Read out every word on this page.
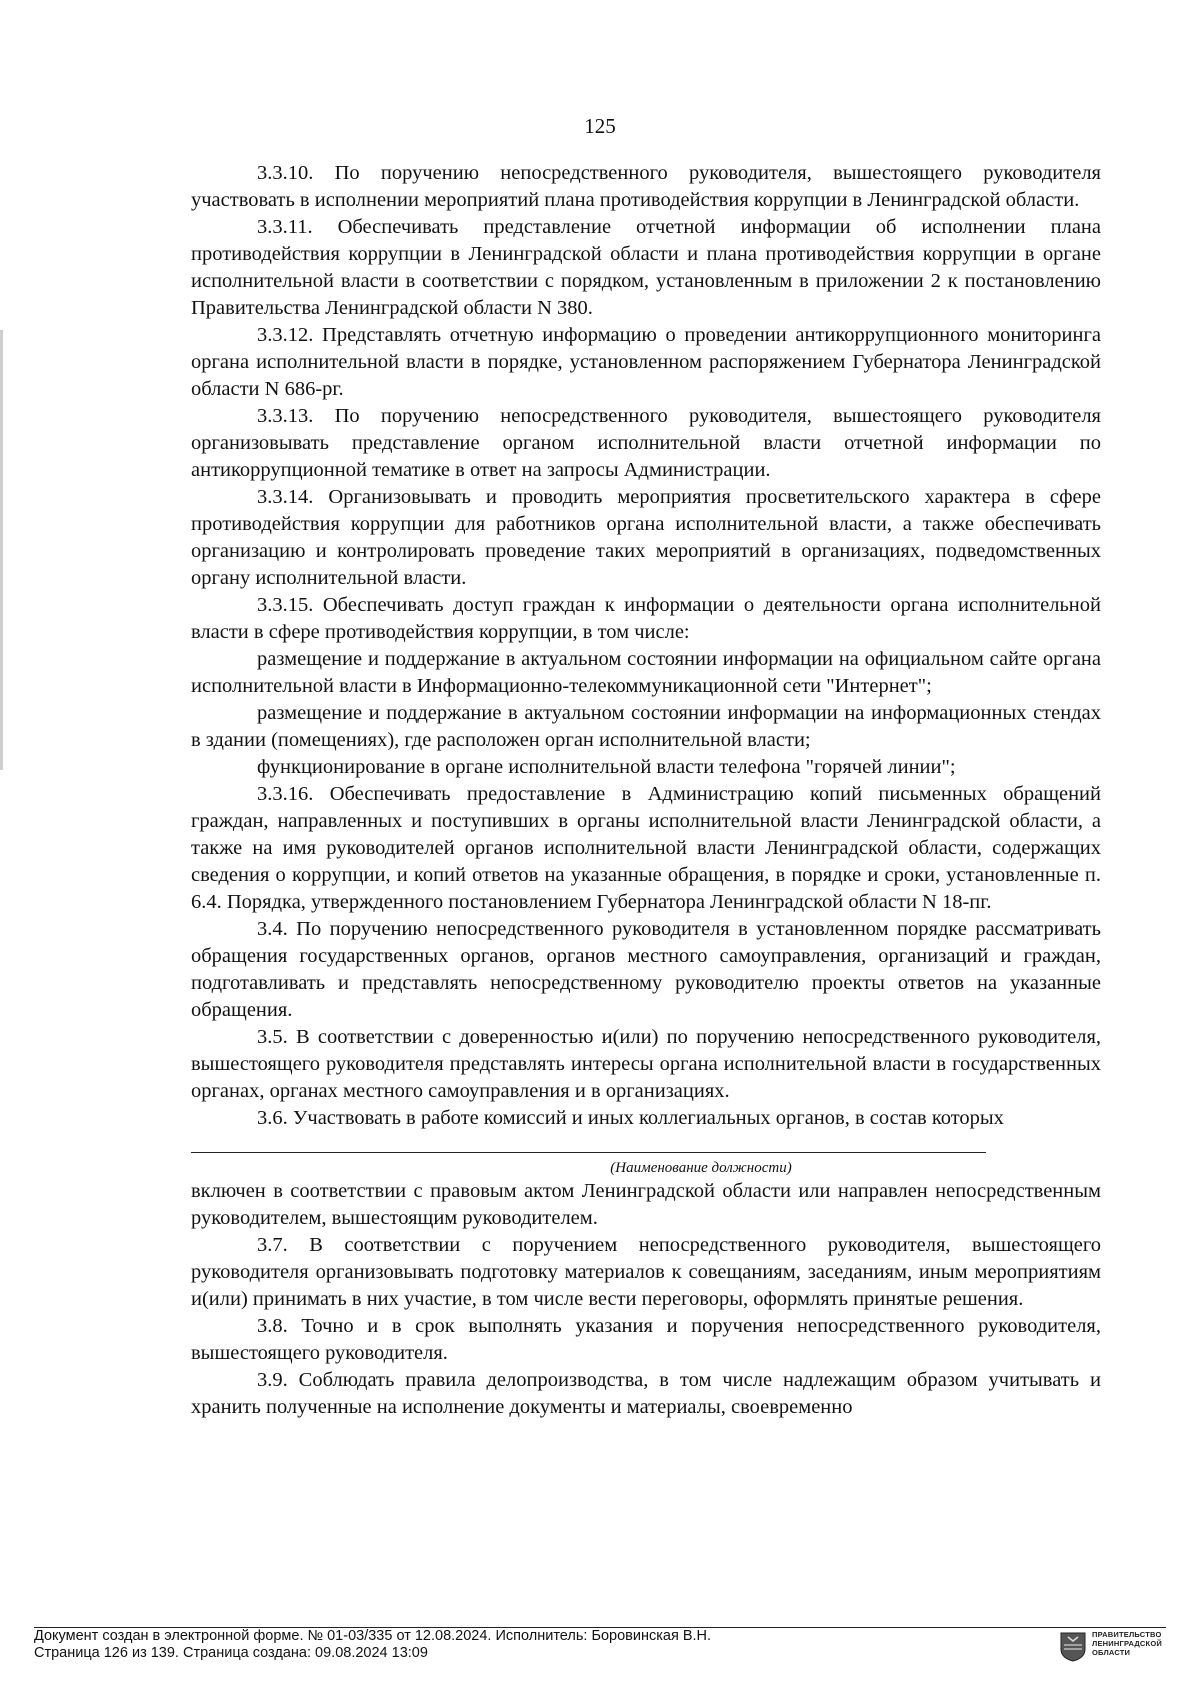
125

3.3.10. По поручению непосредственного руководителя, вышестоящего руководителя участвовать в исполнении мероприятий плана противодействия коррупции в Ленинградской области.

3.3.11. Обеспечивать представление отчетной информации об исполнении плана противодействия коррупции в Ленинградской области и плана противодействия коррупции в органе исполнительной власти в соответствии с порядком, установленным в приложении 2 к постановлению Правительства Ленинградской области N 380.

3.3.12. Представлять отчетную информацию о проведении антикоррупционного мониторинга органа исполнительной власти в порядке, установленном распоряжением Губернатора Ленинградской области N 686-рг.

3.3.13. По поручению непосредственного руководителя, вышестоящего руководителя организовывать представление органом исполнительной власти отчетной информации по антикоррупционной тематике в ответ на запросы Администрации.

3.3.14. Организовывать и проводить мероприятия просветительского характера в сфере противодействия коррупции для работников органа исполнительной власти, а также обеспечивать организацию и контролировать проведение таких мероприятий в организациях, подведомственных органу исполнительной власти.

3.3.15. Обеспечивать доступ граждан к информации о деятельности органа исполнительной власти в сфере противодействия коррупции, в том числе:

размещение и поддержание в актуальном состоянии информации на официальном сайте органа исполнительной власти в Информационно-телекоммуникационной сети "Интернет";

размещение и поддержание в актуальном состоянии информации на информационных стендах в здании (помещениях), где расположен орган исполнительной власти;

функционирование в органе исполнительной власти телефона "горячей линии";

3.3.16. Обеспечивать предоставление в Администрацию копий письменных обращений граждан, направленных и поступивших в органы исполнительной власти Ленинградской области, а также на имя руководителей органов исполнительной власти Ленинградской области, содержащих сведения о коррупции, и копий ответов на указанные обращения, в порядке и сроки, установленные п. 6.4. Порядка, утвержденного постановлением Губернатора Ленинградской области N 18-пг.

3.4. По поручению непосредственного руководителя в установленном порядке рассматривать обращения государственных органов, органов местного самоуправления, организаций и граждан, подготавливать и представлять непосредственному руководителю проекты ответов на указанные обращения.

3.5. В соответствии с доверенностью и(или) по поручению непосредственного руководителя, вышестоящего руководителя представлять интересы органа исполнительной власти в государственных органах, органах местного самоуправления и в организациях.

3.6. Участвовать в работе комиссий и иных коллегиальных органов, в состав которых

(Наименование должности)

включен в соответствии с правовым актом Ленинградской области или направлен непосредственным руководителем, вышестоящим руководителем.

3.7. В соответствии с поручением непосредственного руководителя, вышестоящего руководителя организовывать подготовку материалов к совещаниям, заседаниям, иным мероприятиям и(или) принимать в них участие, в том числе вести переговоры, оформлять принятые решения.

3.8. Точно и в срок выполнять указания и поручения непосредственного руководителя, вышестоящего руководителя.

3.9. Соблюдать правила делопроизводства, в том числе надлежащим образом учитывать и хранить полученные на исполнение документы и материалы, своевременно

Документ создан в электронной форме. № 01-03/335 от 12.08.2024. Исполнитель: Боровинская В.Н.
Страница 126 из 139. Страница создана: 09.08.2024 13:09
ПРАВИТЕЛЬСТВО
ЛЕНИНГРАДСКОЙ
ОБЛАСТИ
